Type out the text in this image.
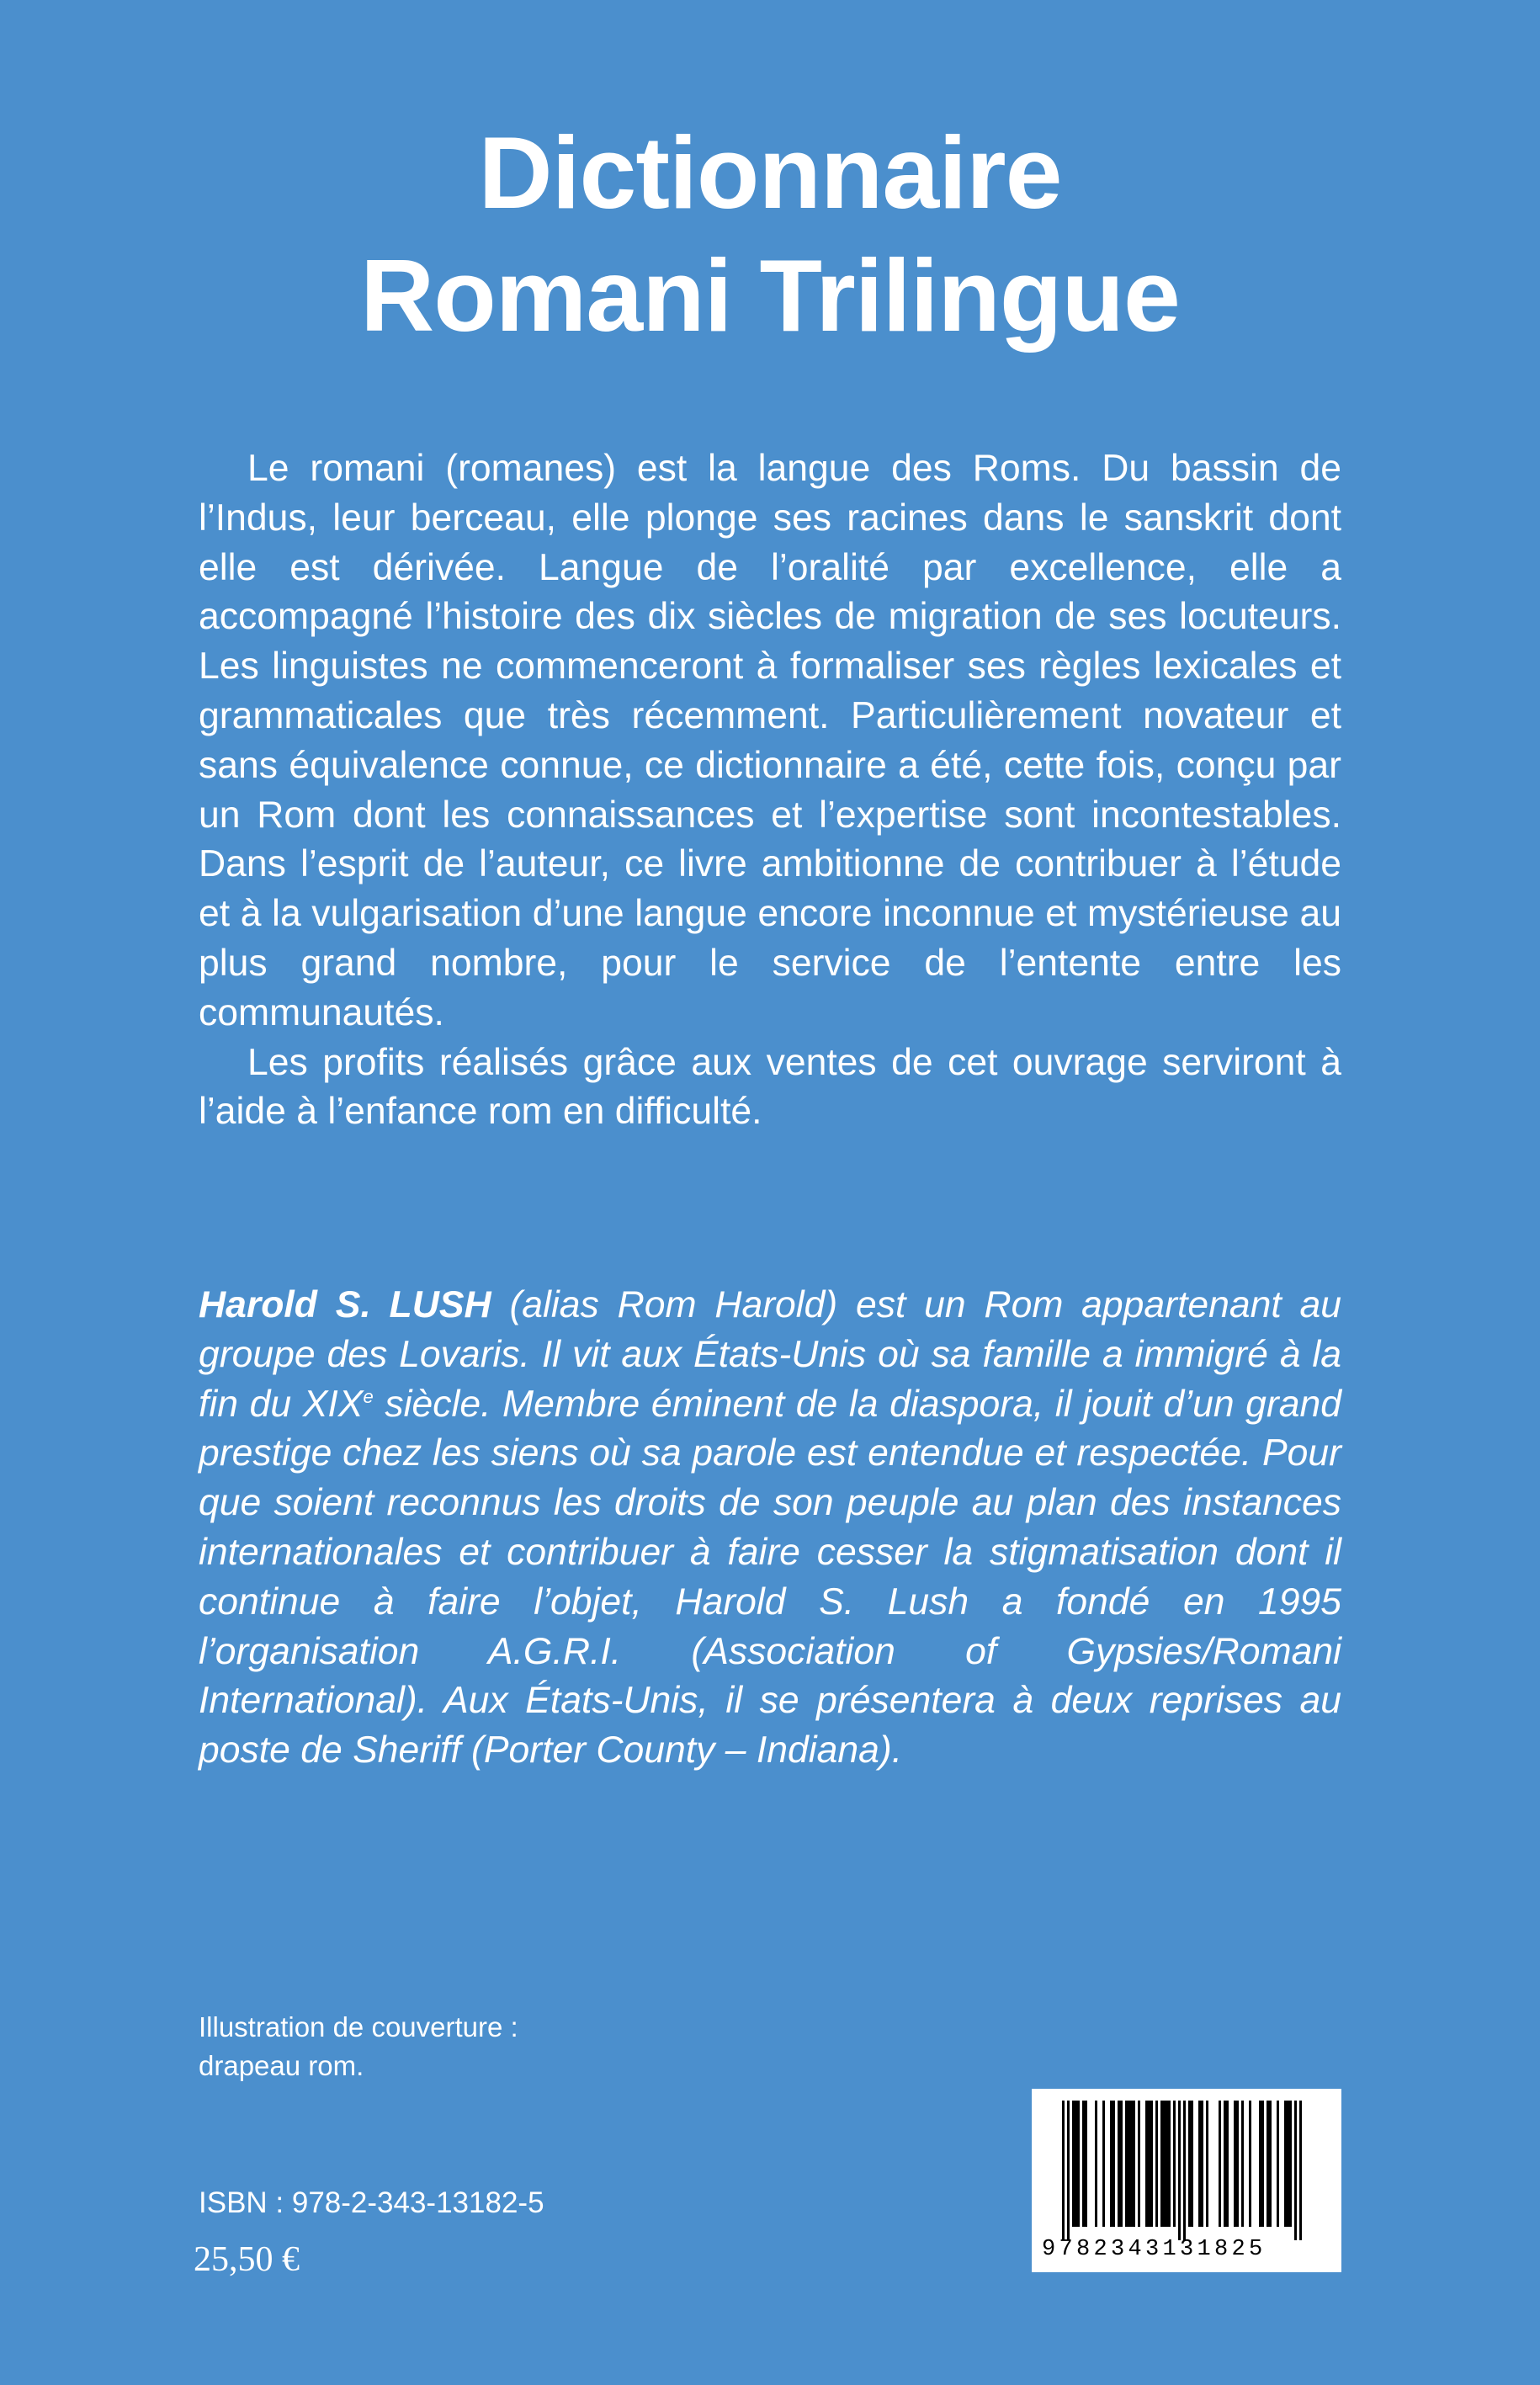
Dictionnaire
Romani Trilingue

Le romani (romanes) est la langue des Roms. Du bassin de l’Indus, leur berceau, elle plonge ses racines dans le sanskrit dont elle est dérivée. Langue de l’oralité par excellence, elle a accompagné l’histoire des dix siècles de migration de ses locuteurs. Les linguistes ne commenceront à formaliser ses règles lexicales et grammaticales que très récemment. Particulièrement novateur et sans équivalence connue, ce dictionnaire a été, cette fois, conçu par un Rom dont les connaissances et l’expertise sont incontestables. Dans l’esprit de l’auteur, ce livre ambitionne de contribuer à l’étude et à la vulgarisation d’une langue encore inconnue et mystérieuse au plus grand nombre, pour le service de l’entente entre les communautés.

Les profits réalisés grâce aux ventes de cet ouvrage serviront à l’aide à l’enfance rom en difficulté.

Harold S. LUSH (alias Rom Harold) est un Rom appartenant au groupe des Lovaris. Il vit aux États-Unis où sa famille a immigré à la fin du XIXe siècle. Membre éminent de la diaspora, il jouit d’un grand prestige chez les siens où sa parole est entendue et respectée. Pour que soient reconnus les droits de son peuple au plan des instances internationales et contribuer à faire cesser la stigmatisation dont il continue à faire l’objet, Harold S. Lush a fondé en 1995 l’organisation A.G.R.I. (Association of Gypsies/Romani International). Aux États-Unis, il se présentera à deux reprises au poste de Sheriff (Porter County – Indiana).
Illustration de couverture :
drapeau rom.
ISBN : 978-2-343-13182-5
25,50 €	9782343131825
